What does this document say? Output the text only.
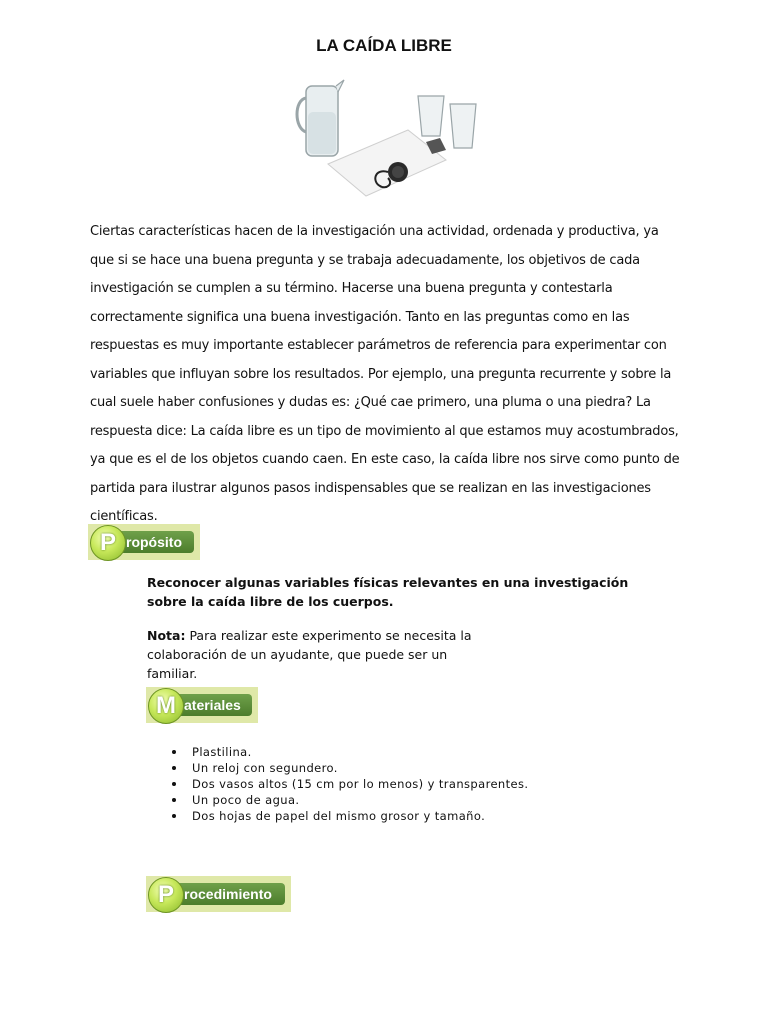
LA CAÍDA LIBRE
Ciertas características hacen de la investigación una actividad, ordenada y productiva, ya que si se hace una buena pregunta y se trabaja adecuadamente, los objetivos de cada investigación se cumplen a su término. Hacerse una buena pregunta y contestarla correctamente significa una buena investigación. Tanto en las preguntas como en las respuestas es muy importante establecer parámetros de referencia para experimentar con variables que influyan sobre los resultados. Por ejemplo, una pregunta recurrente y sobre la cual suele haber confusiones y dudas es: ¿Qué cae primero, una pluma o una piedra? La respuesta dice: La caída libre es un tipo de movimiento al que estamos muy acostumbrados, ya que es el de los objetos cuando caen. En este caso, la caída libre nos sirve como punto de partida para ilustrar algunos pasos indispensables que se realizan en las investigaciones científicas.
P ropósito
Reconocer algunas variables físicas relevantes en una investigación sobre la caída libre de los cuerpos.
Nota: Para realizar este experimento se necesita la colaboración de un ayudante, que puede ser un familiar.
M ateriales
Plastilina.
Un reloj con segundero.
Dos vasos altos (15 cm por lo menos) y transparentes.
Un poco de agua.
Dos hojas de papel del mismo grosor y tamaño.
P rocedimiento
